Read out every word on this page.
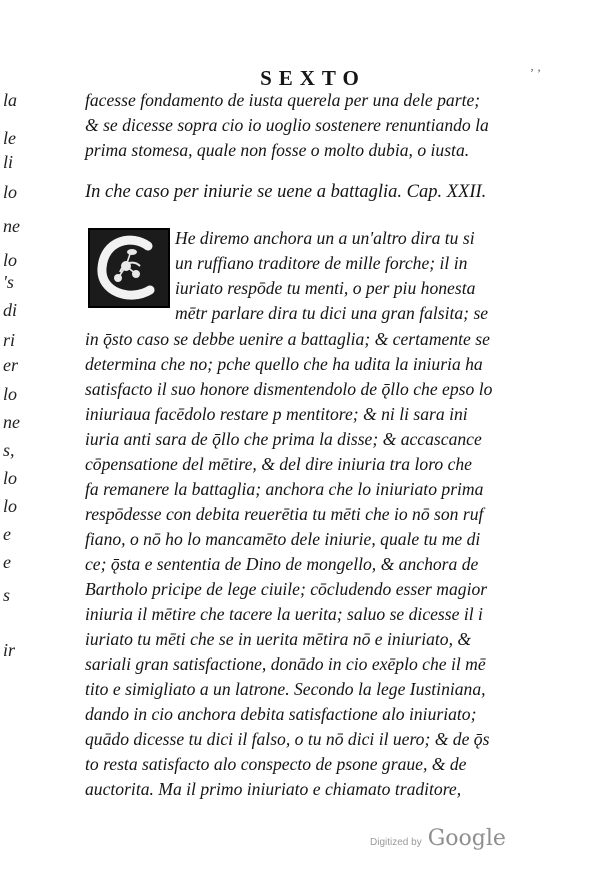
SEXTO	ʼ ’
la
le
li
lo
ne
lo
's
di
ri
er
lo
ne
s,
lo
lo
e
e
s
ir
facesse fondamento de iusta querela per una dele parte;
& se dicesse sopra cio io uoglio sostenere renuntiando la
prima stomesa, quale non fosse o molto dubia, o iusta.
In che caso per iniurie se uene a battaglia. Cap. XXII.
He diremo anchora un a un'altro dira tu si
un ruffiano traditore de mille forche; il in
iuriato respōde tu menti, o per piu honesta
mētr parlare dira tu dici una gran falsita; se
in ǭsto caso se debbe uenire a battaglia; & certamente se
determina che no; pche quello che ha udita la iniuria ha
satisfacto il suo honore dismentendolo de ǭllo che epso lo
iniuriaua facēdolo restare p mentitore; & ni li sara ini
iuria anti sara de ǭllo che prima la disse; & accascance
cōpensatione del mētire, & del dire iniuria tra loro che
fa remanere la battaglia; anchora che lo iniuriato prima
respōdesse con debita reuerētia tu mēti che io nō son ruf
fiano, o nō ho lo mancamēto dele iniurie, quale tu me di
ce; ǭsta e sententia de Dino de mongello, & anchora de
Bartholo pricipe de lege ciuile; cōcludendo esser magior
iniuria il mētire che tacere la uerita; saluo se dicesse il i
iuriato tu mēti che se in uerita mētira nō e iniuriato, &
sariali gran satisfactione, donādo in cio exēplo che il mē
tito e simigliato a un latrone. Secondo la lege Iustiniana,
dando in cio anchora debita satisfactione alo iniuriato;
quādo dicesse tu dici il falso, o tu nō dici il uero; & de ǭs
to resta satisfacto alo conspecto de psone graue, & de
auctorita. Ma il primo iniuriato e chiamato traditore,
Digitized by Google
